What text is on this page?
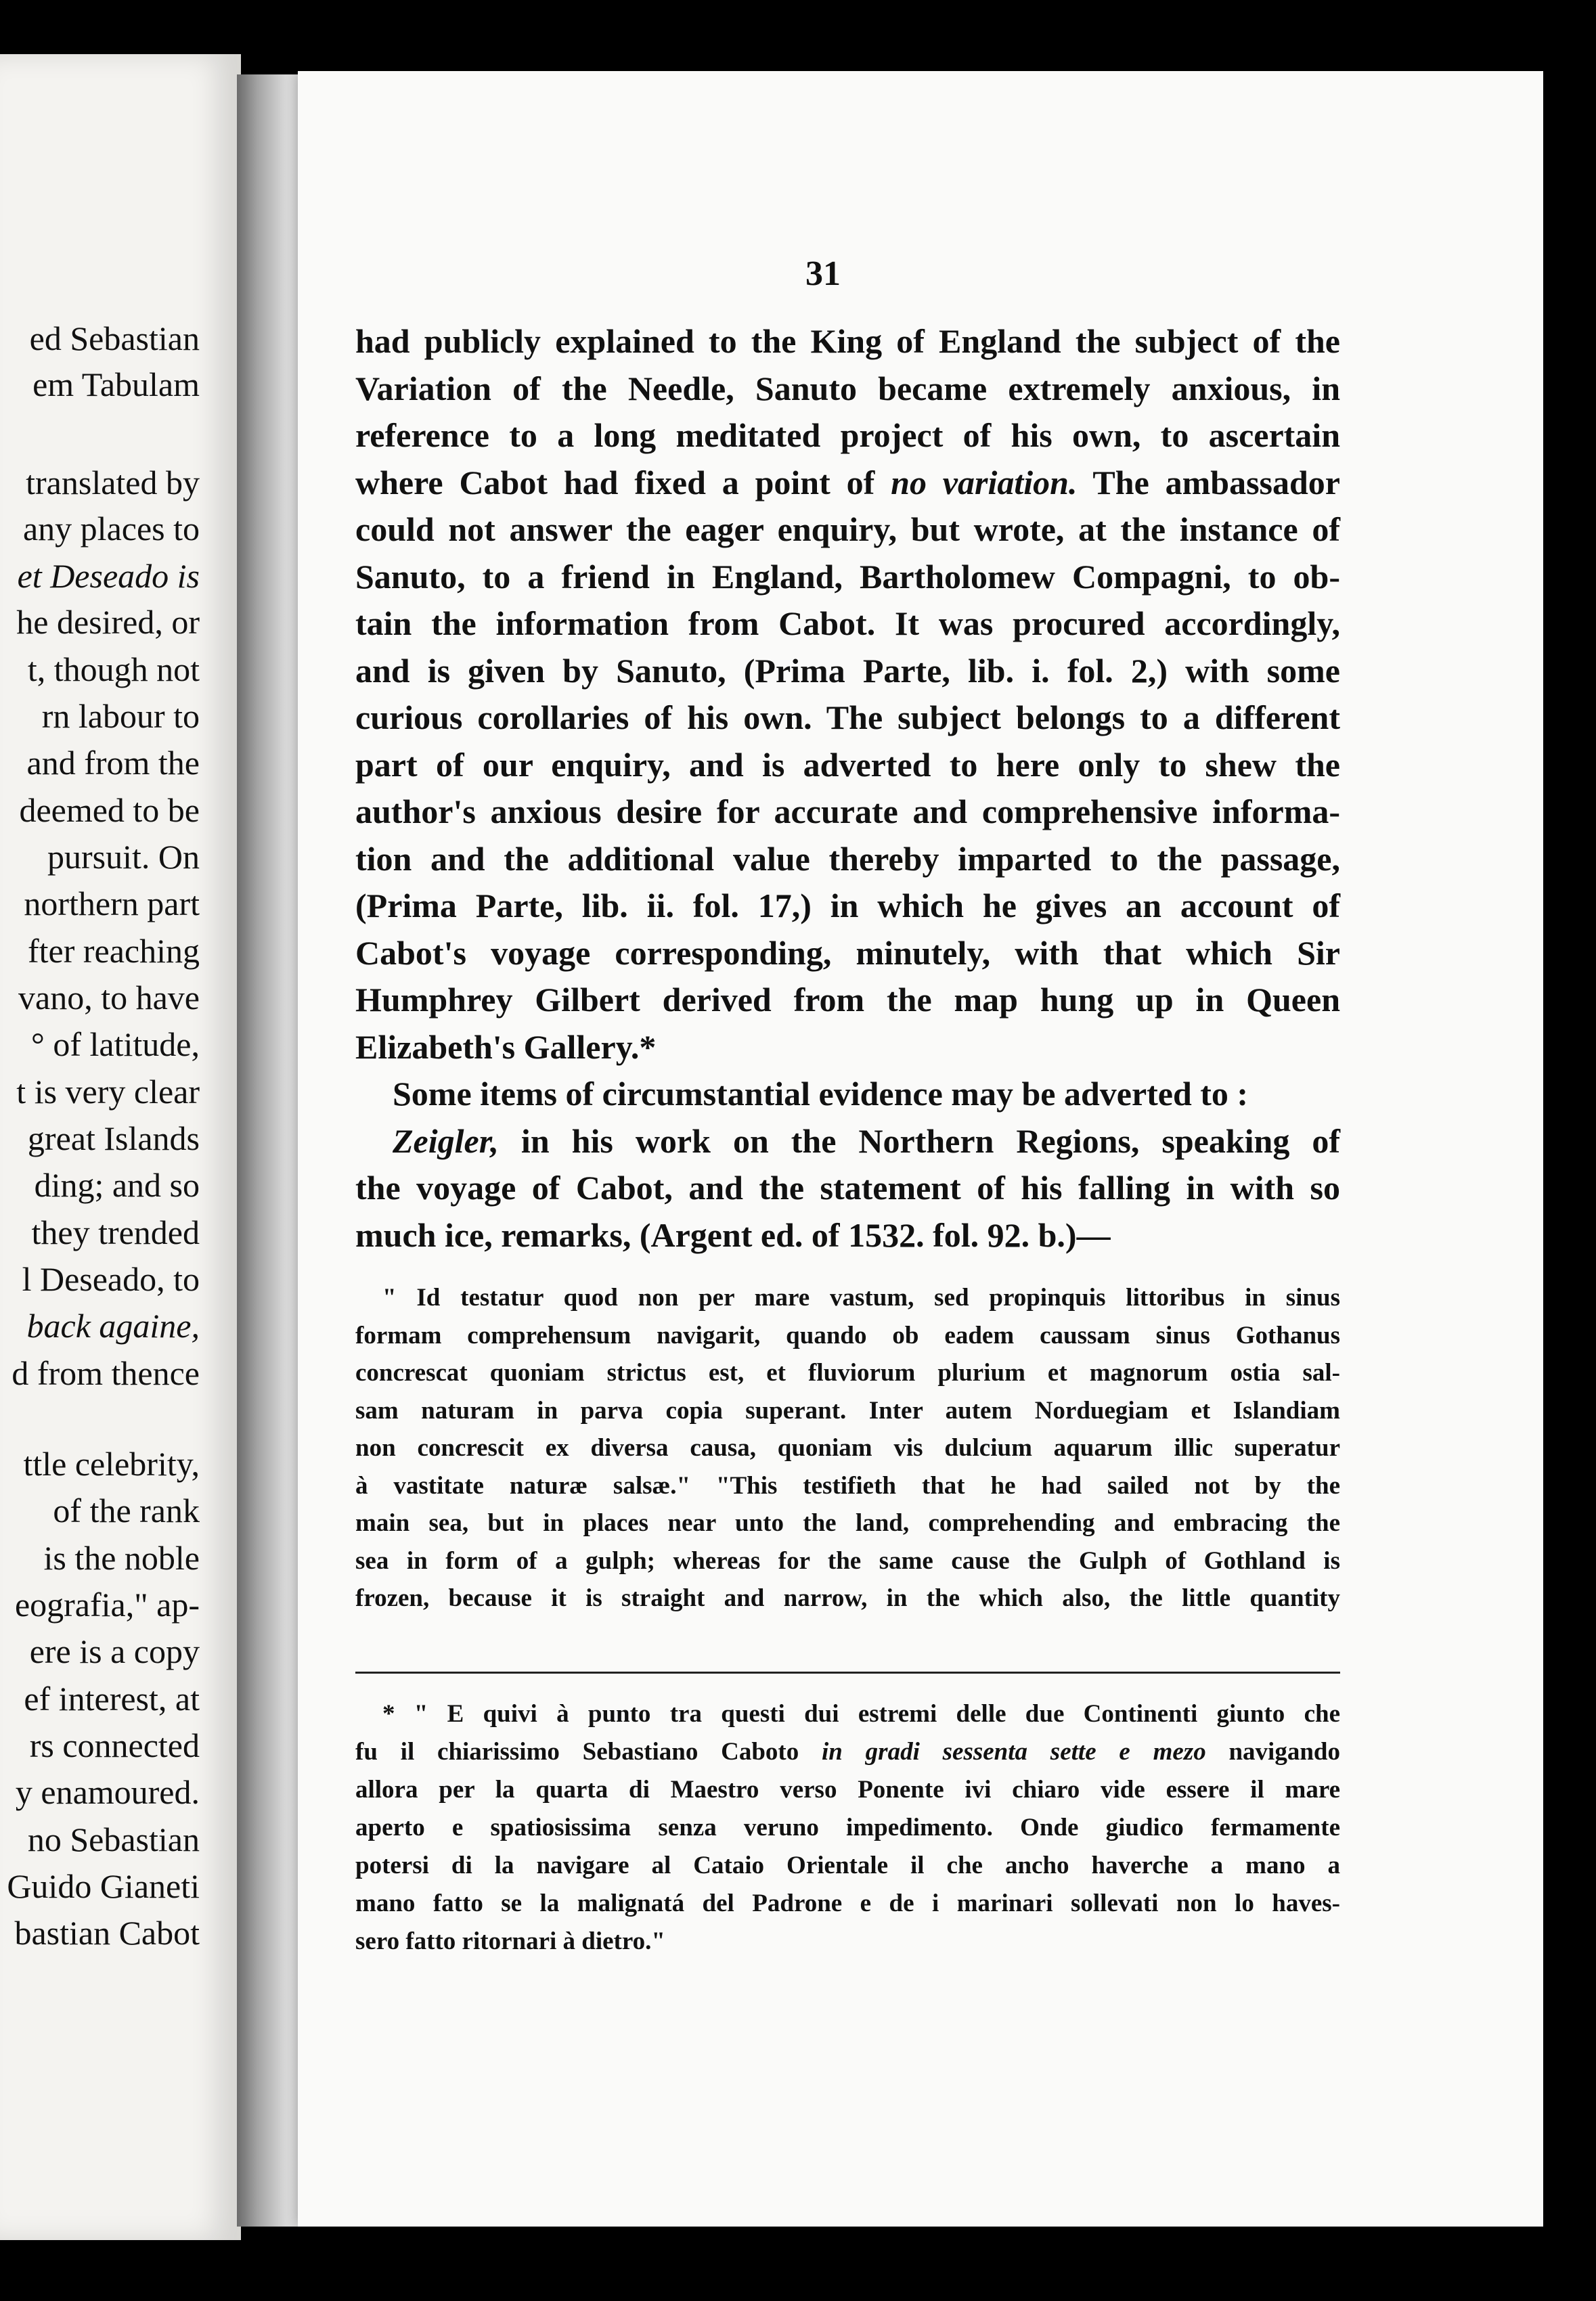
ed Sebastian
em Tabulam
translated by
any places to
et Deseado is
he desired, or
t, though not
rn labour to
and from the
deemed to be
pursuit. On
northern part
fter reaching
vano, to have
° of latitude,
t is very clear
great Islands
ding; and so
they trended
l Deseado, to
back againe,
d from thence
ttle celebrity,
of the rank
is the noble
eografia," ap-
ere is a copy
ef interest, at
rs connected
y enamoured.
no Sebastian
Guido Gianeti
bastian Cabot
31
had publicly explained to the King of England the subject of the
Variation of the Needle, Sanuto became extremely anxious, in
reference to a long meditated project of his own, to ascertain
where Cabot had fixed a point of no variation. The ambassador
could not answer the eager enquiry, but wrote, at the instance of
Sanuto, to a friend in England, Bartholomew Compagni, to ob-
tain the information from Cabot. It was procured accordingly,
and is given by Sanuto, (Prima Parte, lib. i. fol. 2,) with some
curious corollaries of his own. The subject belongs to a different
part of our enquiry, and is adverted to here only to shew the
author's anxious desire for accurate and comprehensive informa-
tion and the additional value thereby imparted to the passage,
(Prima Parte, lib. ii. fol. 17,) in which he gives an account of
Cabot's voyage corresponding, minutely, with that which Sir
Humphrey Gilbert derived from the map hung up in Queen
Elizabeth's Gallery.*
Some items of circumstantial evidence may be adverted to :
Zeigler, in his work on the Northern Regions, speaking of
the voyage of Cabot, and the statement of his falling in with so
much ice, remarks, (Argent ed. of 1532. fol. 92. b.)—
" Id testatur quod non per mare vastum, sed propinquis littoribus in sinus
formam comprehensum navigarit, quando ob eadem caussam sinus Gothanus
concrescat quoniam strictus est, et fluviorum plurium et magnorum ostia sal-
sam naturam in parva copia superant. Inter autem Norduegiam et Islandiam
non concrescit ex diversa causa, quoniam vis dulcium aquarum illic superatur
à vastitate naturæ salsæ." "This testifieth that he had sailed not by the
main sea, but in places near unto the land, comprehending and embracing the
sea in form of a gulph; whereas for the same cause the Gulph of Gothland is
frozen, because it is straight and narrow, in the which also, the little quantity
* " E quivi à punto tra questi dui estremi delle due Continenti giunto che
fu il chiarissimo Sebastiano Caboto in gradi sessenta sette e mezo navigando
allora per la quarta di Maestro verso Ponente ivi chiaro vide essere il mare
aperto e spatiosissima senza veruno impedimento. Onde giudico fermamente
potersi di la navigare al Cataio Orientale il che ancho haverche a mano a
mano fatto se la malignatá del Padrone e de i marinari sollevati non lo haves-
sero fatto ritornari à dietro."
